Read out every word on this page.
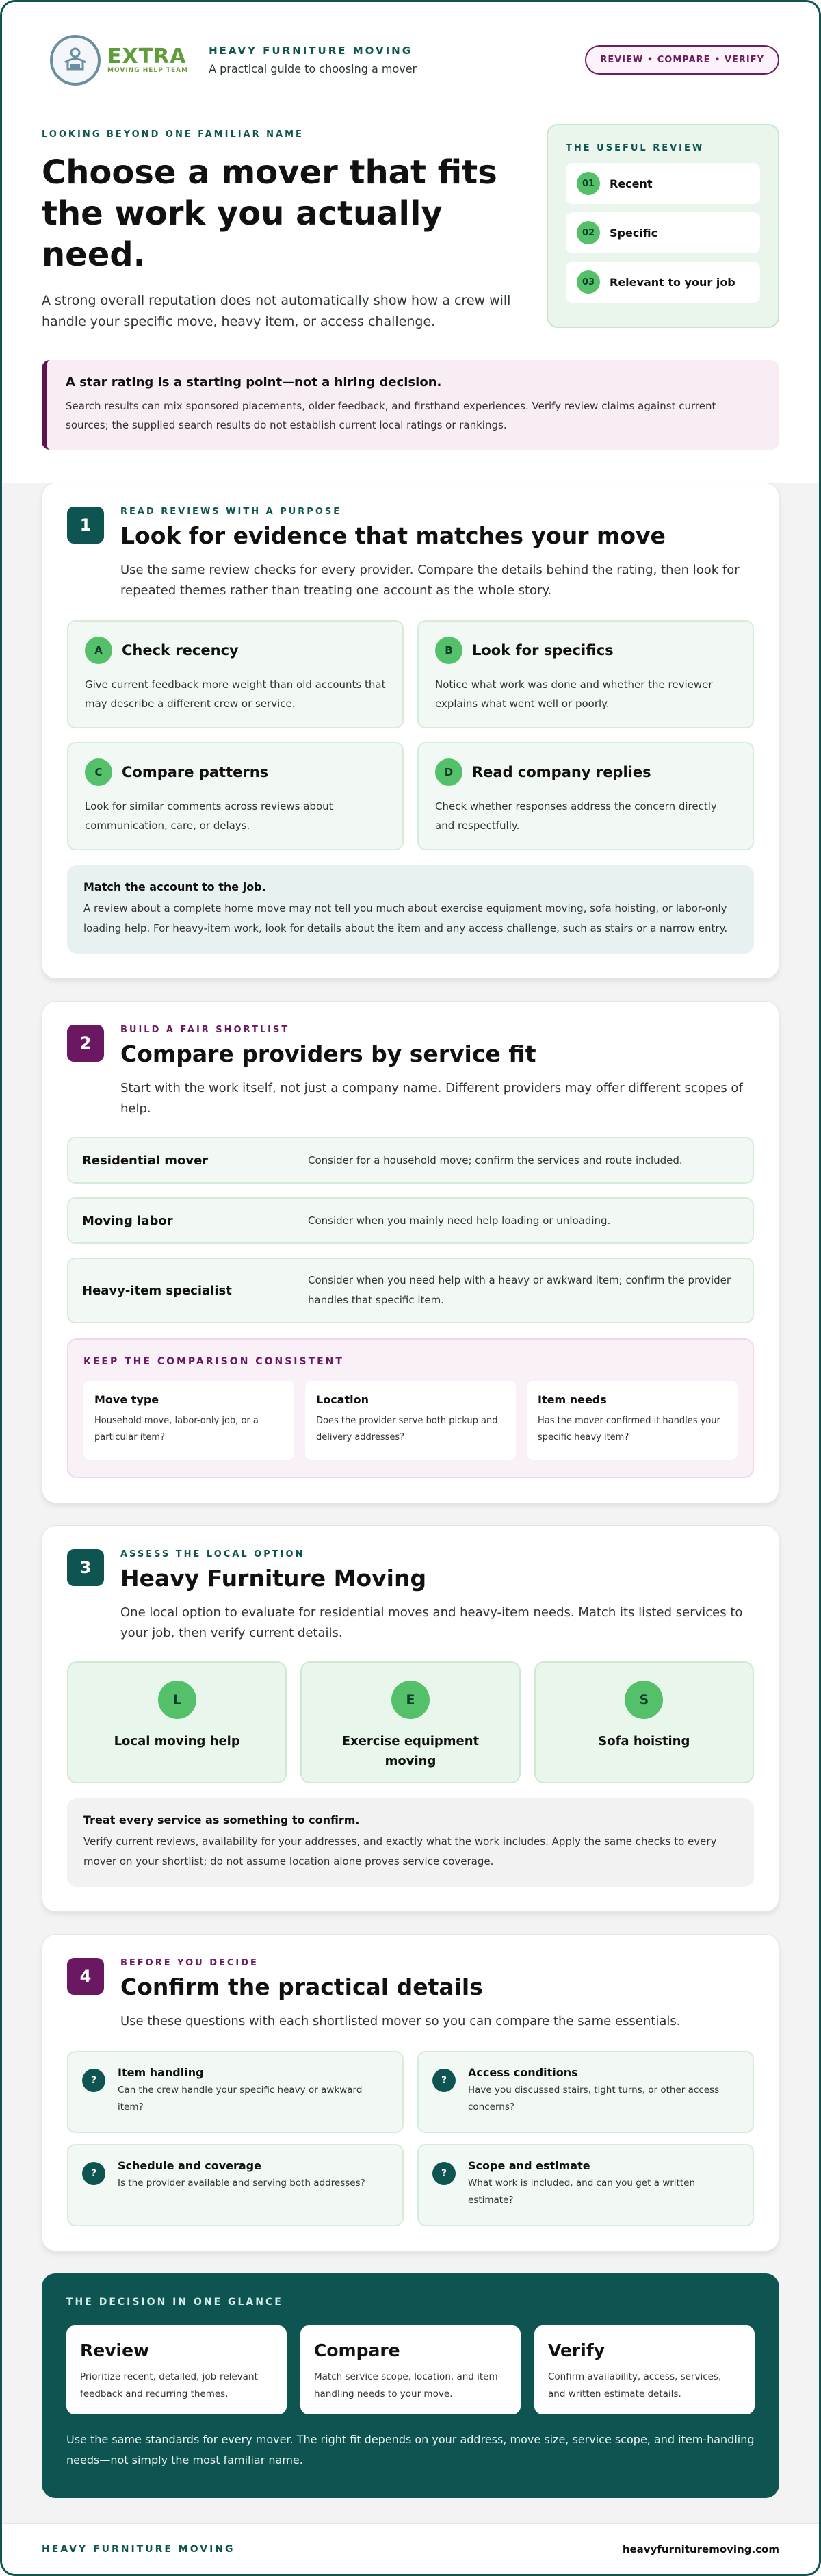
EXTRA
MOVING HELP TEAM
HEAVY FURNITURE MOVING
A practical guide to choosing a mover
REVIEW • COMPARE • VERIFY
LOOKING BEYOND ONE FAMILIAR NAME
Choose a mover that fits the work you actually need.

A strong overall reputation does not automatically show how a crew will handle your specific move, heavy item, or access challenge.

THE USEFUL REVIEW
01	Recent
02	Specific
03	Relevant to your job
A star rating is a starting point—not a hiring decision.

Search results can mix sponsored placements, older feedback, and firsthand experiences. Verify review claims against current sources; the supplied search results do not establish current local ratings or rankings.

1
READ REVIEWS WITH A PURPOSE
Look for evidence that matches your move

Use the same review checks for every provider. Compare the details behind the rating, then look for repeated themes rather than treating one account as the whole story.

A	Check recency

Give current feedback more weight than old accounts that may describe a different crew or service.

B	Look for specifics

Notice what work was done and whether the reviewer explains what went well or poorly.

C	Compare patterns

Look for similar comments across reviews about communication, care, or delays.

D	Read company replies

Check whether responses address the concern directly and respectfully.

Match the account to the job.

A review about a complete home move may not tell you much about exercise equipment moving, sofa hoisting, or labor-only loading help. For heavy-item work, look for details about the item and any access challenge, such as stairs or a narrow entry.

2
BUILD A FAIR SHORTLIST
Compare providers by service fit

Start with the work itself, not just a company name. Different providers may offer different scopes of help.

Residential mover	Consider for a household move; confirm the services and route included.
Moving labor	Consider when you mainly need help loading or unloading.
Heavy-item specialist
Consider when you need help with a heavy or awkward item; confirm the provider handles that specific item.
KEEP THE COMPARISON CONSISTENT
Move type

Household move, labor-only job, or a particular item?

Location

Does the provider serve both pickup and delivery addresses?

Item needs

Has the mover confirmed it handles your specific heavy item?

3
ASSESS THE LOCAL OPTION
Heavy Furniture Moving

One local option to evaluate for residential moves and heavy-item needs. Match its listed services to your job, then verify current details.

L
Local moving help
E
Exercise equipment moving
S
Sofa hoisting
Treat every service as something to confirm.

Verify current reviews, availability for your addresses, and exactly what the work includes. Apply the same checks to every mover on your shortlist; do not assume location alone proves service coverage.

4
BEFORE YOU DECIDE
Confirm the practical details

Use these questions with each shortlisted mover so you can compare the same essentials.

?
Item handling
Can the crew handle your specific heavy or awkward item?
?
Access conditions
Have you discussed stairs, tight turns, or other access concerns?
?
Schedule and coverage
Is the provider available and serving both addresses?
?
Scope and estimate
What work is included, and can you get a written estimate?
THE DECISION IN ONE GLANCE
Review

Prioritize recent, detailed, job-relevant feedback and recurring themes.

Compare

Match service scope, location, and item-handling needs to your move.

Verify

Confirm availability, access, services, and written estimate details.

Use the same standards for every mover. The right fit depends on your address, move size, service scope, and item-handling needs—not simply the most familiar name.

HEAVY FURNITURE MOVING	heavyfurnituremoving.com
